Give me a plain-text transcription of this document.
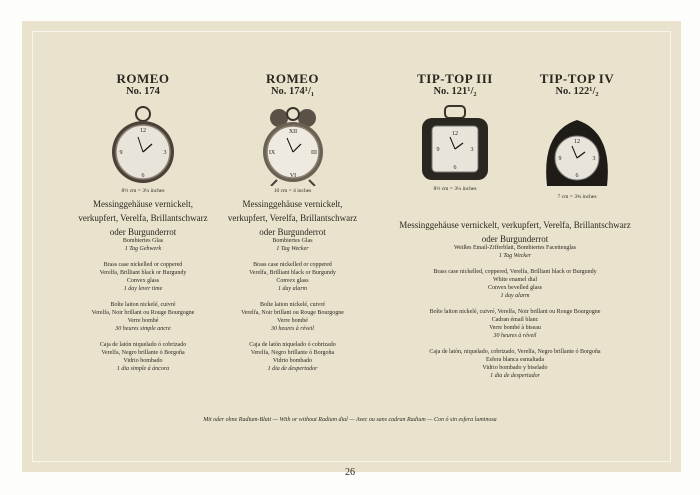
ROMEO
No. 174
12
6
9	3
8½ cm = 3¼ inches
Messinggehäuse vernickelt,
verkupfert, Verelfa, Brillantschwarz
oder Burgunderrot
Bombiertes Glas
1 Tag Gehwerk
Brass case nickelled or coppered
Verelfa, Brilliant black or Burgundy
Convex glass
1 day lever time
Boîte laiton nickelé, cuivré
Verelfa, Noir brillant ou Rouge Bourgogne
Verre bombé
30 heures simple ancre
Caja de latón niquelado ó cobrizado
Verelfa, Negro brillante ó Borgoña
Vidrio bombado
1 dia simple á áncora
ROMEO
No. 174¹/₁
XII
VI
IX	III
10 cm = 4 inches
Messinggehäuse vernickelt,
verkupfert, Verelfa, Brillantschwarz
oder Burgunderrot
Bombiertes Glas
1 Tag Wecker
Brass case nickelled or coppered
Verelfa, Brilliant black or Burgundy
Convex glass
1 day alarm
Boîte laiton nickelé, cuivré
Verelfa, Noir brillant ou Rouge Bourgogne
Verre bombé
30 heures à réveil
Caja de latón niquelado ó cobrizado
Verelfa, Negro brillante ó Borgoña
Vidrio bombado
1 dia de despertador
TIP-TOP III
No. 121¹/₂
12
6
9	3
8½ cm = 3¼ inches
TIP-TOP IV
No. 122¹/₂
12
6
9	3
7 cm = 3¾ inches
Messinggehäuse vernickelt, verkupfert, Verelfa, Brillantschwarz
oder Burgunderrot
Weißes Email-Zifferblatt, Bombiertes Facettenglas
1 Tag Wecker
Brass case nickelled, coppered, Verelfa, Brilliant black or Burgundy
White enamel dial
Convex bevelled glass
1 day alarm
Boîte laiton nickelé, cuivré, Verelfa, Noir brillant ou Rouge Bourgogne
Cadran émail blanc
Verre bombé à biseau
30 heures à réveil
Caja de latón, niquelado, cobrizado, Verelfa, Negro brillante ó Borgoña
Esfera blanca esmaltada
Vidrio bombado y biselado
1 dia de despertador
Mit oder ohne Radium-Blatt — With or without Radium dial — Avec ou sans cadran Radium — Con ó sin esfera luminosa
26
